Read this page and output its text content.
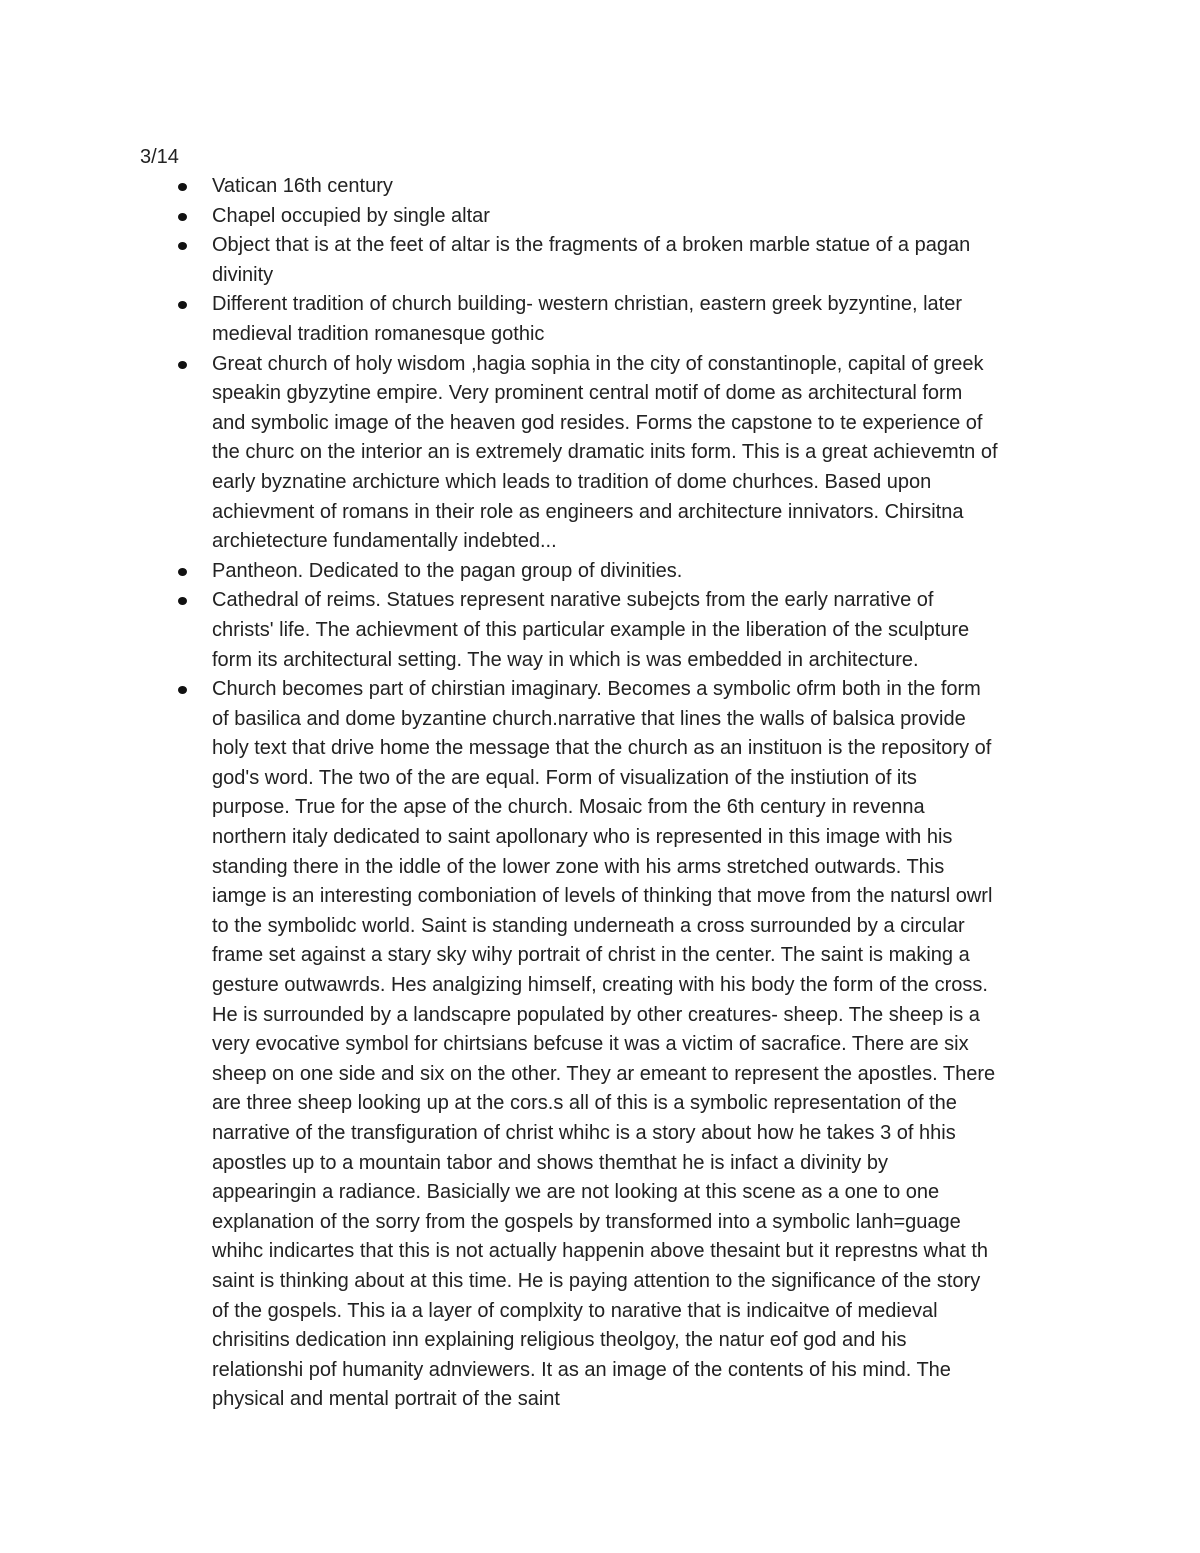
3/14
Vatican 16th century
Chapel occupied by single altar
Object that is at the feet of altar is the fragments of a broken marble statue of a pagan
divinity
Different tradition of church building- western christian, eastern greek byzyntine, later
medieval tradition romanesque gothic
Great church of holy wisdom ,hagia sophia in the city of constantinople, capital of greek
speakin gbyzytine empire. Very prominent central motif of dome as architectural form
and symbolic image of the heaven god resides. Forms the capstone to te experience of
the churc on the interior an is extremely dramatic inits form. This is a great achievemtn of
early byznatine archicture which leads to tradition of dome churhces. Based upon
achievment of romans in their role as engineers and architecture innivators. Chirsitna
archietecture fundamentally indebted...
Pantheon. Dedicated to the pagan group of divinities.
Cathedral of reims. Statues represent narative subejcts from the early narrative of
christs' life. The achievment of this particular example in the liberation of the sculpture
form its architectural setting. The way in which is was embedded in architecture.
Church becomes part of chirstian imaginary. Becomes a symbolic ofrm both in the form
of basilica and dome byzantine church.narrative that lines the walls of balsica provide
holy text that drive home the message that the church as an instituon is the repository of
god's word. The two of the are equal. Form of visualization of the instiution of its
purpose. True for the apse of the church. Mosaic from the 6th century in revenna
northern italy dedicated to saint apollonary who is represented in this image with his
standing there in the iddle of the lower zone with his arms stretched outwards. This
iamge is an interesting comboniation of levels of thinking that move from the natursl owrl
to the symbolidc world. Saint is standing underneath a cross surrounded by a circular
frame set against a stary sky wihy portrait of christ in the center. The saint is making a
gesture outwawrds. Hes analgizing himself, creating with his body the form of the cross.
He is surrounded by a landscapre populated by other creatures- sheep. The sheep is a
very evocative symbol for chirtsians befcuse it was a victim of sacrafice. There are six
sheep on one side and six on the other. They ar emeant to represent the apostles. There
are three sheep looking up at the cors.s all of this is a symbolic representation of the
narrative of the transfiguration of christ whihc is a story about how he takes 3 of hhis
apostles up to a mountain tabor and shows themthat he is infact a divinity by
appearingin a radiance. Basicially we are not looking at this scene as a one to one
explanation of the sorry from the gospels by transformed into a symbolic lanh=guage
whihc indicartes that this is not actually happenin above thesaint but it represtns what th
saint is thinking about at this time. He is paying attention to the significance of the story
of the gospels. This ia a layer of complxity to narative that is indicaitve of medieval
chrisitins dedication inn explaining religious theolgoy, the natur eof god and his
relationshi pof humanity adnviewers. It as an image of the contents of his mind. The
physical and mental portrait of the saint
